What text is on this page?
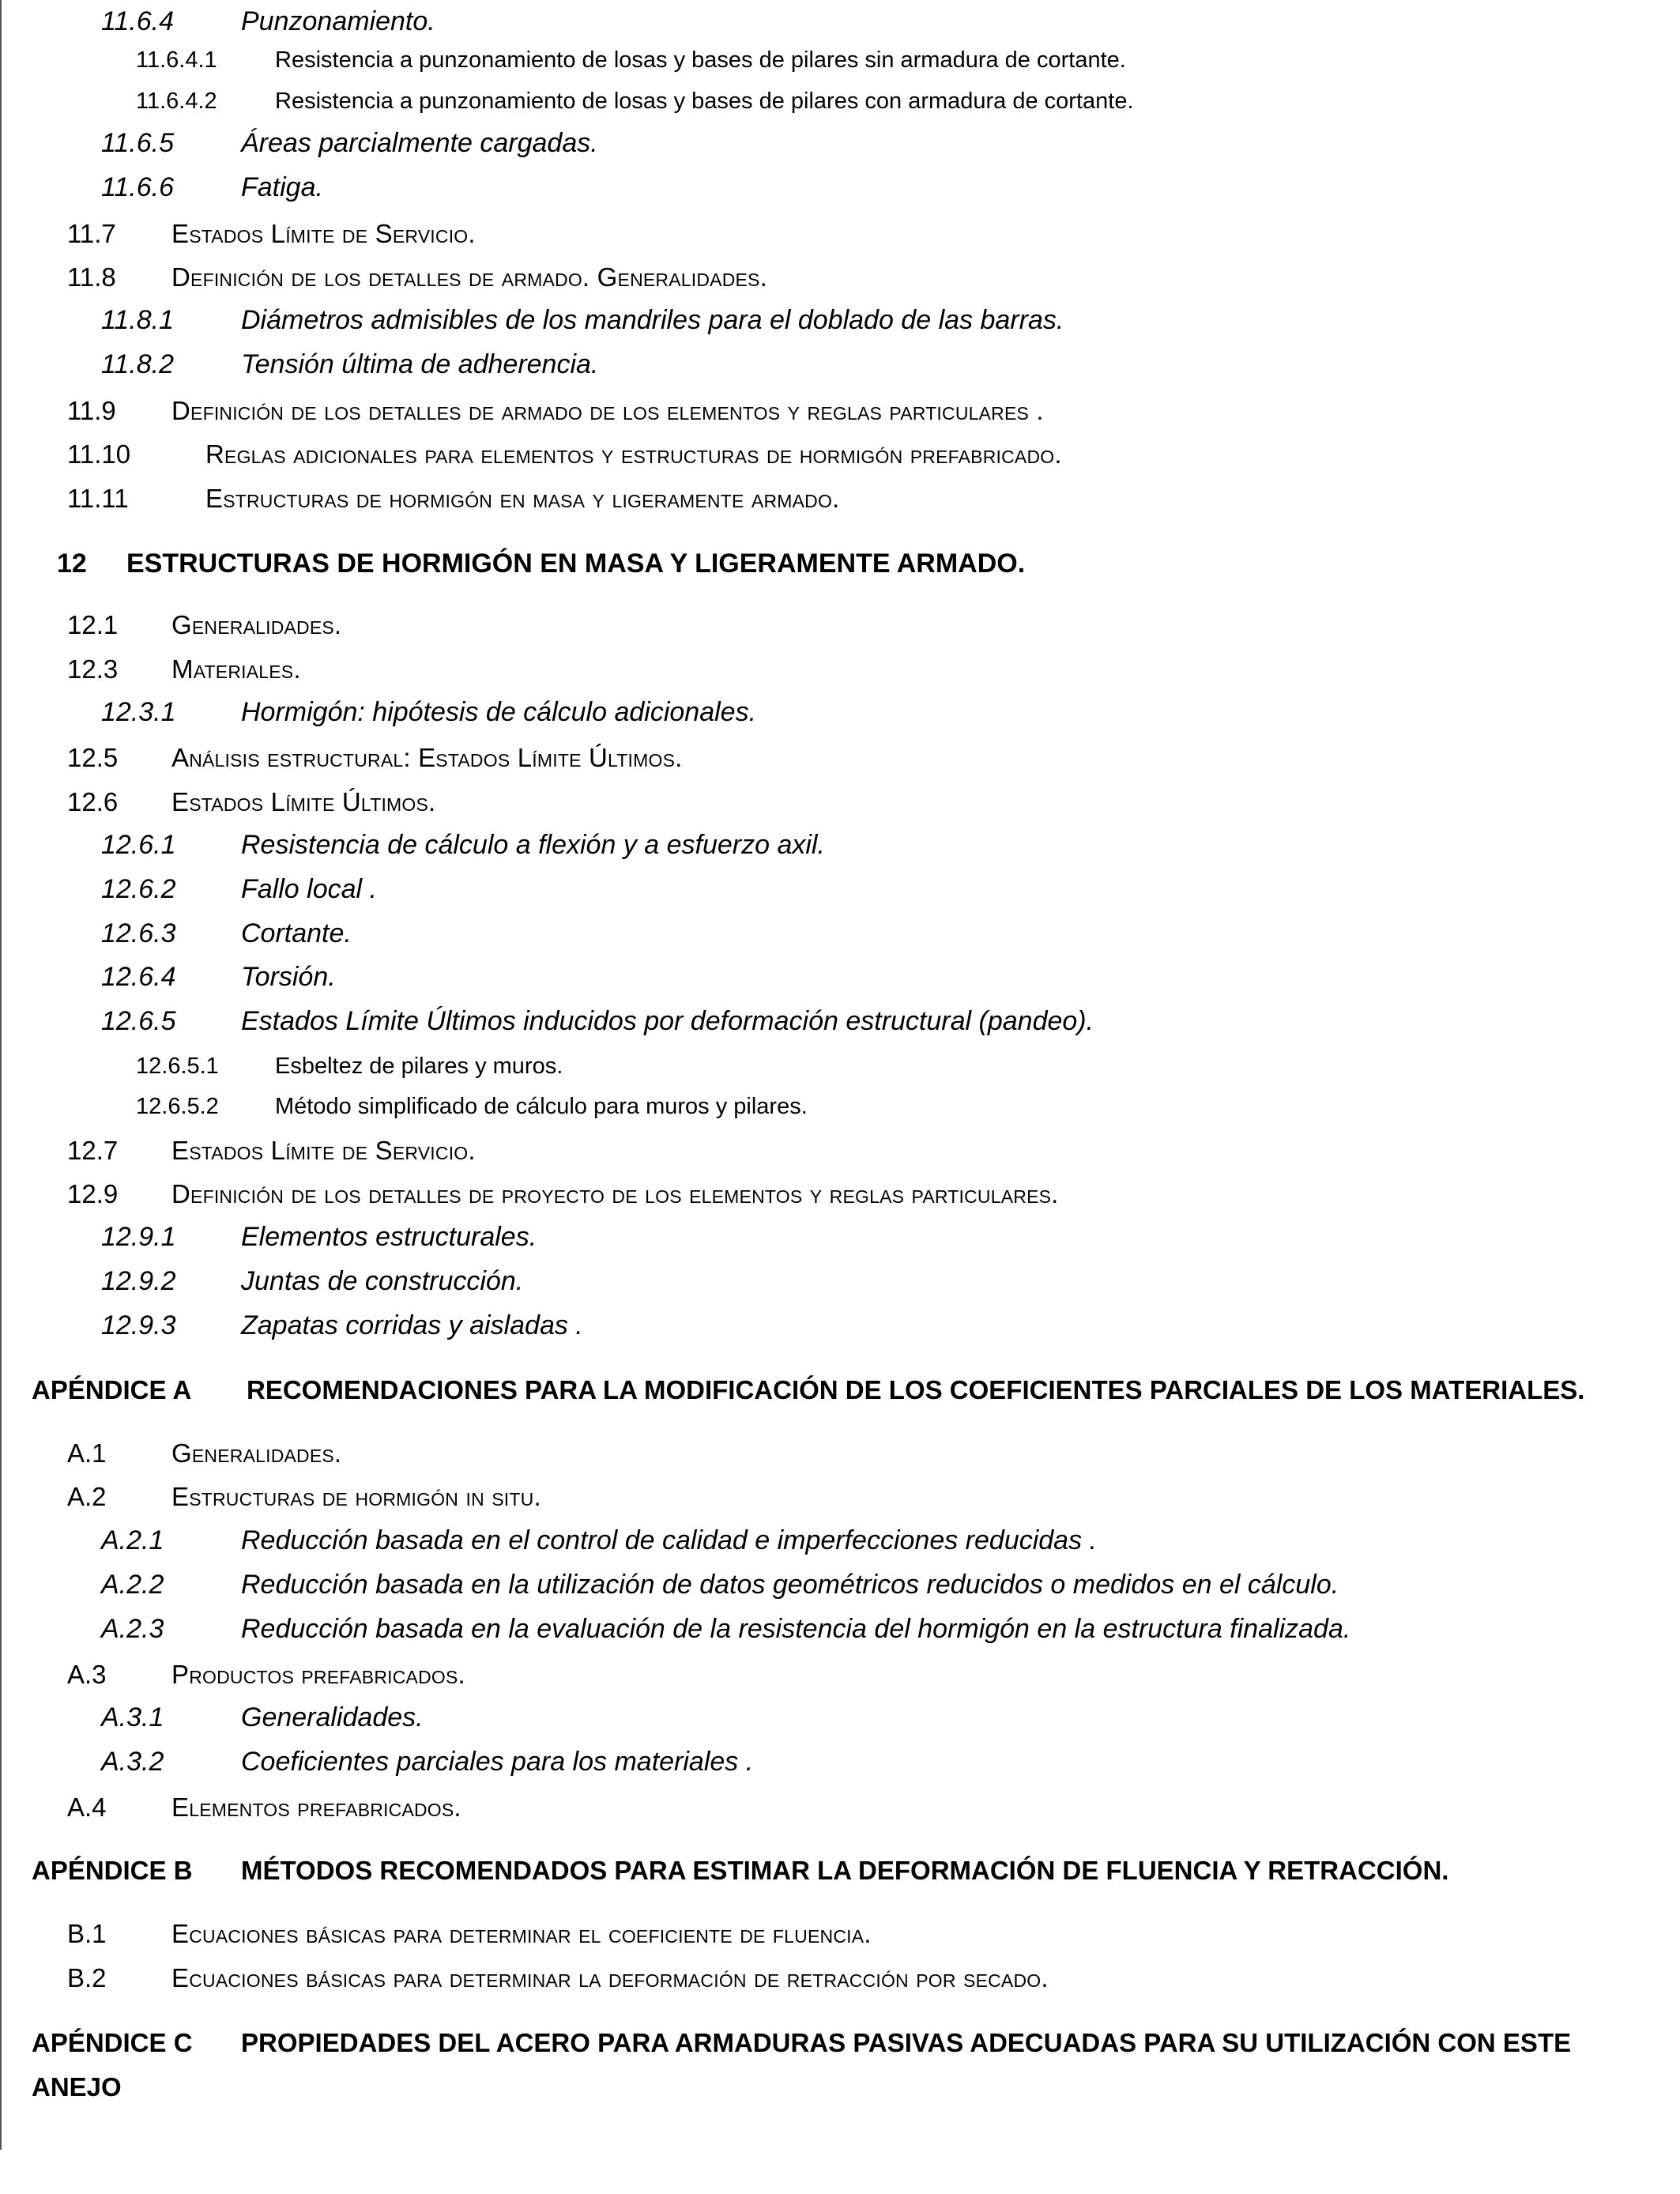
11.6.4 Punzonamiento.
11.6.4.1	Resistencia a punzonamiento de losas y bases de pilares sin armadura de cortante.
11.6.4.2	Resistencia a punzonamiento de losas y bases de pilares con armadura de cortante.
11.6.5 Áreas parcialmente cargadas.
11.6.6 Fatiga.
11.7 Estados Límite de Servicio.
11.8 Definición de los detalles de armado. Generalidades.
11.8.1 Diámetros admisibles de los mandriles para el doblado de las barras.
11.8.2 Tensión última de adherencia.
11.9 Definición de los detalles de armado de los elementos y reglas particulares .
11.10	Reglas adicionales para elementos y estructuras de hormigón prefabricado.
11.11	Estructuras de hormigón en masa y ligeramente armado.
12 ESTRUCTURAS DE HORMIGÓN EN MASA Y LIGERAMENTE ARMADO.
12.1 Generalidades.
12.3 Materiales.
12.3.1 Hormigón: hipótesis de cálculo adicionales.
12.5 Análisis estructural: Estados Límite Últimos.
12.6 Estados Límite Últimos.
12.6.1 Resistencia de cálculo a flexión y a esfuerzo axil.
12.6.2 Fallo local .
12.6.3 Cortante.
12.6.4 Torsión.
12.6.5 Estados Límite Últimos inducidos por deformación estructural (pandeo).
12.6.5.1 Esbeltez de pilares y muros.
12.6.5.2 Método simplificado de cálculo para muros y pilares.
12.7 Estados Límite de Servicio.
12.9 Definición de los detalles de proyecto de los elementos y reglas particulares.
12.9.1 Elementos estructurales.
12.9.2 Juntas de construcción.
12.9.3 Zapatas corridas y aisladas .
APÉNDICE A RECOMENDACIONES PARA LA MODIFICACIÓN DE LOS COEFICIENTES PARCIALES DE LOS MATERIALES.
A.1 Generalidades.
A.2 Estructuras de hormigón in situ.
A.2.1	Reducción basada en el control de calidad e imperfecciones reducidas .
A.2.2	Reducción basada en la utilización de datos geométricos reducidos o medidos en el cálculo.
A.2.3	Reducción basada en la evaluación de la resistencia del hormigón en la estructura finalizada.
A.3 Productos prefabricados.
A.3.1	Generalidades.
A.3.2	Coeficientes parciales para los materiales .
A.4 Elementos prefabricados.
APÉNDICE B MÉTODOS RECOMENDADOS PARA ESTIMAR LA DEFORMACIÓN DE FLUENCIA Y RETRACCIÓN.
B.1 Ecuaciones básicas para determinar el coeficiente de fluencia.
B.2 Ecuaciones básicas para determinar la deformación de retracción por secado.
APÉNDICE C PROPIEDADES DEL ACERO PARA ARMADURAS PASIVAS ADECUADAS PARA SU UTILIZACIÓN CON ESTE
ANEJO
